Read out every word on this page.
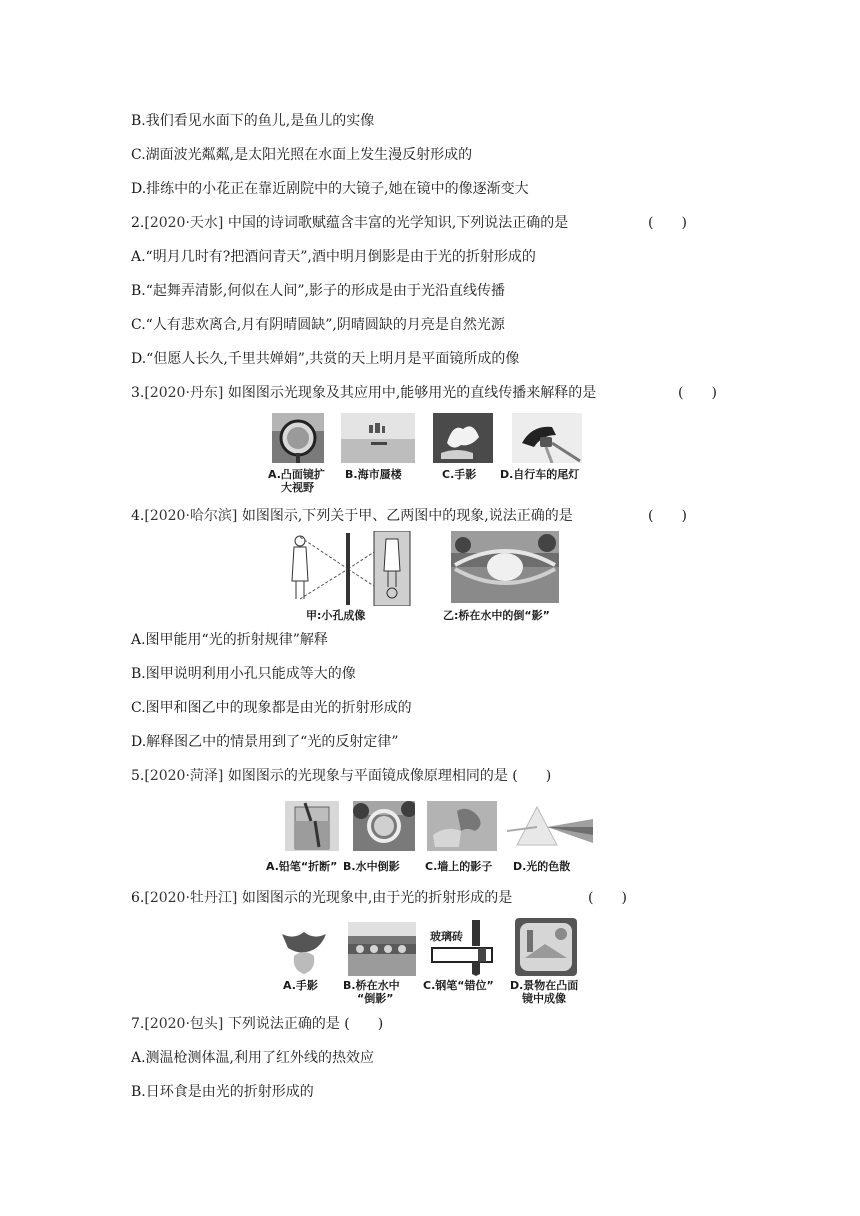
B.我们看见水面下的鱼儿,是鱼儿的实像
C.湖面波光粼粼,是太阳光照在水面上发生漫反射形成的
D.排练中的小花正在靠近剧院中的大镜子,她在镜中的像逐渐变大
2.[2020·天水] 中国的诗词歌赋蕴含丰富的光学知识,下列说法正确的是	(　　)
A.“明月几时有?把酒问青天”,酒中明月倒影是由于光的折射形成的
B.“起舞弄清影,何似在人间”,影子的形成是由于光沿直线传播
C.“人有悲欢离合,月有阴晴圆缺”,阴晴圆缺的月亮是自然光源
D.“但愿人长久,千里共婵娟”,共赏的天上明月是平面镜所成的像
3.[2020·丹东] 如图图示光现象及其应用中,能够用光的直线传播来解释的是	(　　)
A.凸面镜扩
大视野
B.海市蜃楼	C.手影 D.自行车的尾灯
4.[2020·哈尔滨] 如图图示,下列关于甲、乙两图中的现象,说法正确的是	(　　)
甲:小孔成像	乙:桥在水中的倒“影”
A.图甲能用“光的折射规律”解释
B.图甲说明利用小孔只能成等大的像
C.图甲和图乙中的现象都是由光的折射形成的
D.解释图乙中的情景用到了“光的反射定律”
5.[2020·菏泽] 如图图示的光现象与平面镜成像原理相同的是 (　　)
A.铅笔“折断” B.水中倒影 C.墙上的影子 D.光的色散
6.[2020·牡丹江] 如图图示的光现象中,由于光的折射形成的是	(　　)
玻璃砖
A.手影 B.桥在水中
“倒影”
C.钢笔“错位” D.景物在凸面
镜中成像
7.[2020·包头] 下列说法正确的是 (　　)
A.测温枪测体温,利用了红外线的热效应
B.日环食是由光的折射形成的
